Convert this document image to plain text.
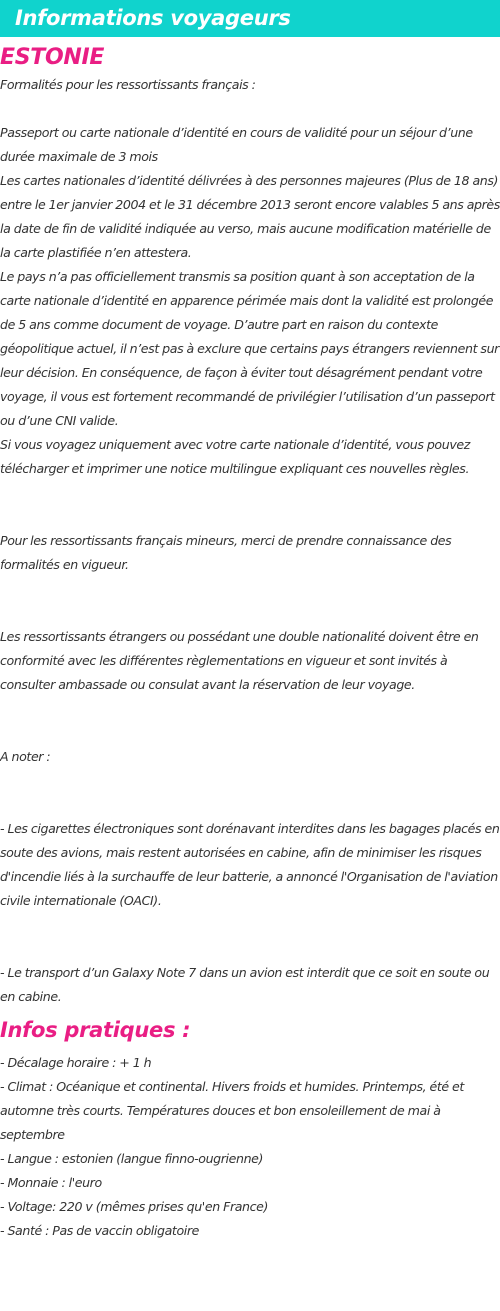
Informations voyageurs
ESTONIE

Formalités pour les ressortissants français :

Passeport ou carte nationale d’identité en cours de validité pour un séjour d’une durée maximale de 3 mois

Les cartes nationales d’identité délivrées à des personnes majeures (Plus de 18 ans) entre le 1er janvier 2004 et le 31 décembre 2013 seront encore valables 5 ans après la date de fin de validité indiquée au verso, mais aucune modification matérielle de la carte plastifiée n’en attestera.

Le pays n’a pas officiellement transmis sa position quant à son acceptation de la carte nationale d’identité en apparence périmée mais dont la validité est prolongée de 5 ans comme document de voyage. D’autre part en raison du contexte géopolitique actuel, il n’est pas à exclure que certains pays étrangers reviennent sur leur décision. En conséquence, de façon à éviter tout désagrément pendant votre voyage, il vous est fortement recommandé de privilégier l’utilisation d’un passeport ou d’une CNI valide.

Si vous voyagez uniquement avec votre carte nationale d’identité, vous pouvez télécharger et imprimer une notice multilingue expliquant ces nouvelles règles.

Pour les ressortissants français mineurs, merci de prendre connaissance des formalités en vigueur.

Les ressortissants étrangers ou possédant une double nationalité doivent être en conformité avec les différentes règlementations en vigueur et sont invités à consulter ambassade ou consulat avant la réservation de leur voyage.

A noter :

- Les cigarettes électroniques sont dorénavant interdites dans les bagages placés en soute des avions, mais restent autorisées en cabine, afin de minimiser les risques d'incendie liés à la surchauffe de leur batterie, a annoncé l'Organisation de l'aviation civile internationale (OACI).

- Le transport d’un Galaxy Note 7 dans un avion est interdit que ce soit en soute ou en cabine.

Infos pratiques :

- Décalage horaire : + 1 h

- Climat : Océanique et continental. Hivers froids et humides. Printemps, été et automne très courts. Températures douces et bon ensoleillement de mai à septembre

- Langue : estonien (langue finno-ougrienne)

- Monnaie : l'euro

- Voltage: 220 v (mêmes prises qu'en France)

- Santé : Pas de vaccin obligatoire
